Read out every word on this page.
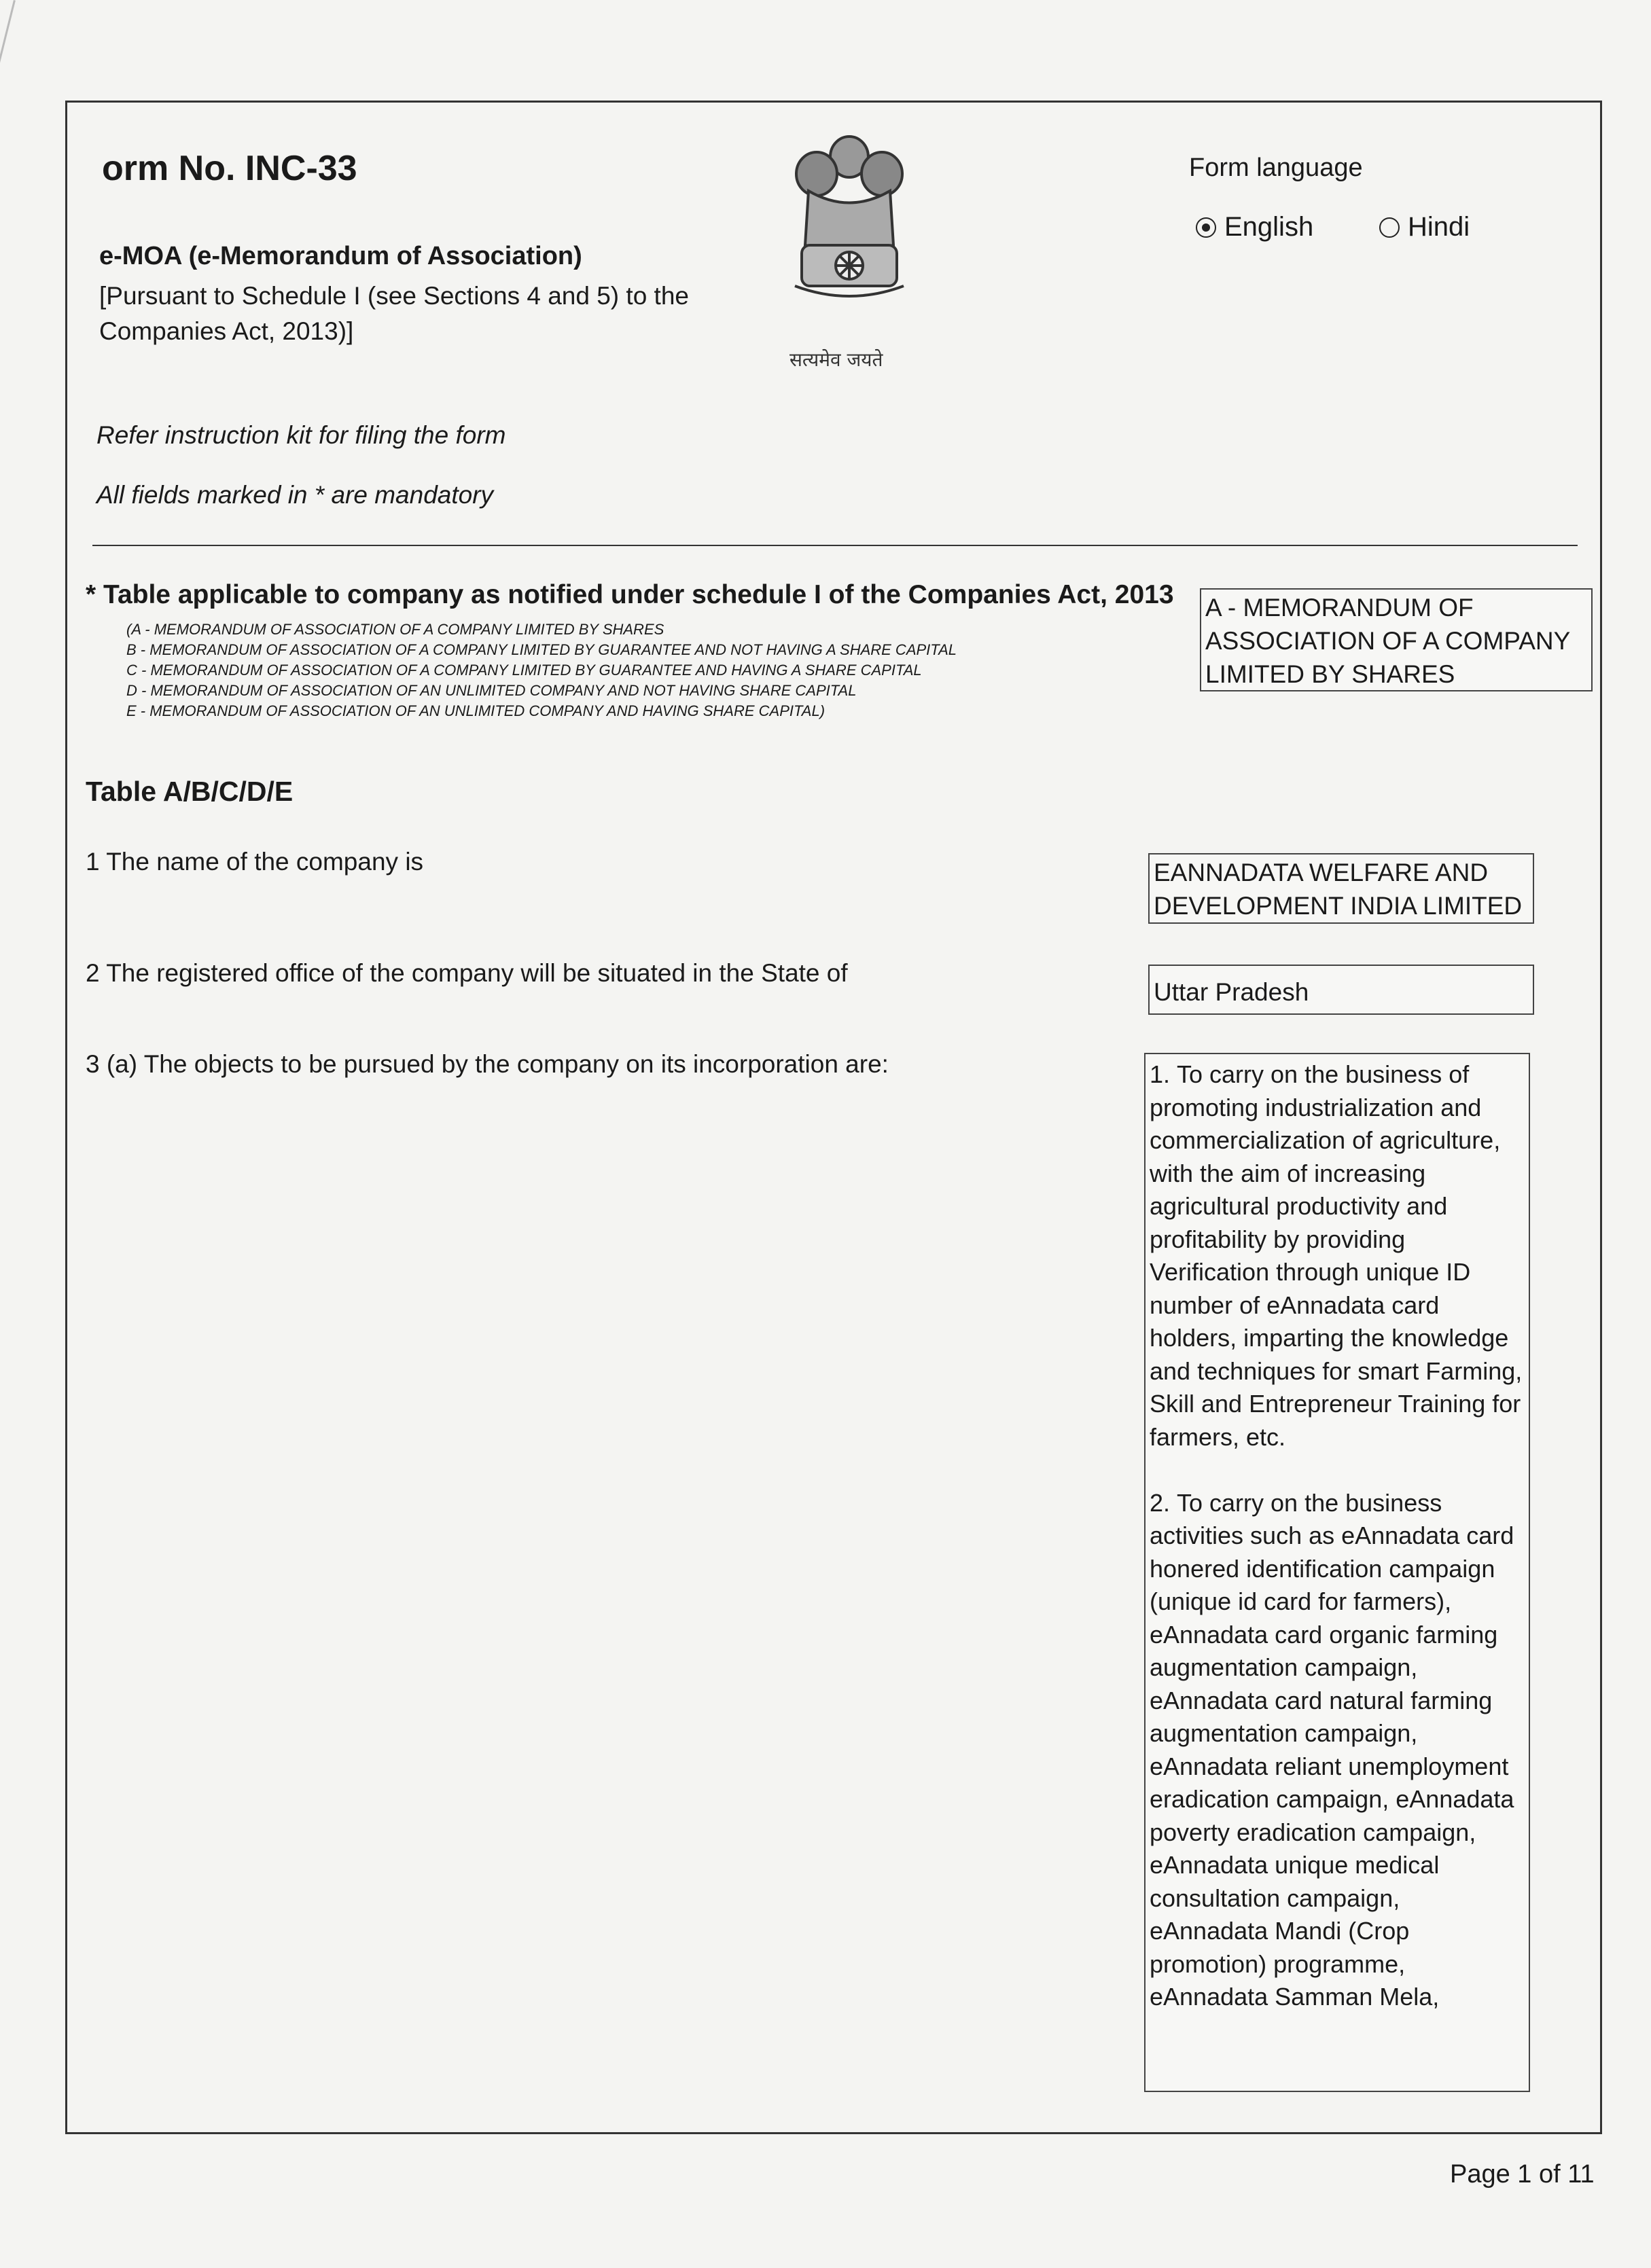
orm No. INC-33
e-MOA (e-Memorandum of Association)
[Pursuant to Schedule I (see Sections 4 and 5) to the Companies Act, 2013)]
सत्यमेव जयते
Form language
English	Hindi
Refer instruction kit for filing the form
All fields marked in * are mandatory
* Table applicable to company as notified under schedule I of the Companies Act, 2013
(A - MEMORANDUM OF ASSOCIATION OF A COMPANY LIMITED BY SHARES
B - MEMORANDUM OF ASSOCIATION OF A COMPANY LIMITED BY GUARANTEE AND NOT HAVING A SHARE CAPITAL
C - MEMORANDUM OF ASSOCIATION OF A COMPANY LIMITED BY GUARANTEE AND HAVING A SHARE CAPITAL
D - MEMORANDUM OF ASSOCIATION OF AN UNLIMITED COMPANY AND NOT HAVING SHARE CAPITAL
E - MEMORANDUM OF ASSOCIATION OF AN UNLIMITED COMPANY AND HAVING SHARE CAPITAL)
A - MEMORANDUM OF ASSOCIATION OF A COMPANY LIMITED BY SHARES
Table A/B/C/D/E
1 The name of the company is	EANNADATA WELFARE AND DEVELOPMENT INDIA LIMITED
2 The registered office of the company will be situated in the State of
Uttar Pradesh
3 (a) The objects to be pursued by the company on its incorporation are:	1.	To carry on the business of promoting industrialization and commercialization of agriculture, with the aim of increasing agricultural productivity and profitability by providing Verification through unique ID number of eAnnadata card holders, imparting the knowledge and techniques for smart Farming, Skill and Entrepreneur Training for farmers, etc.

2.	To carry on the business activities such as eAnnadata card honered identification campaign (unique id card for farmers), eAnnadata card organic farming augmentation campaign, eAnnadata card natural farming augmentation campaign, eAnnadata reliant unemployment eradication campaign, eAnnadata poverty eradication campaign, eAnnadata unique medical consultation campaign, eAnnadata Mandi (Crop promotion) programme, eAnnadata Samman Mela,
Page 1 of 11
